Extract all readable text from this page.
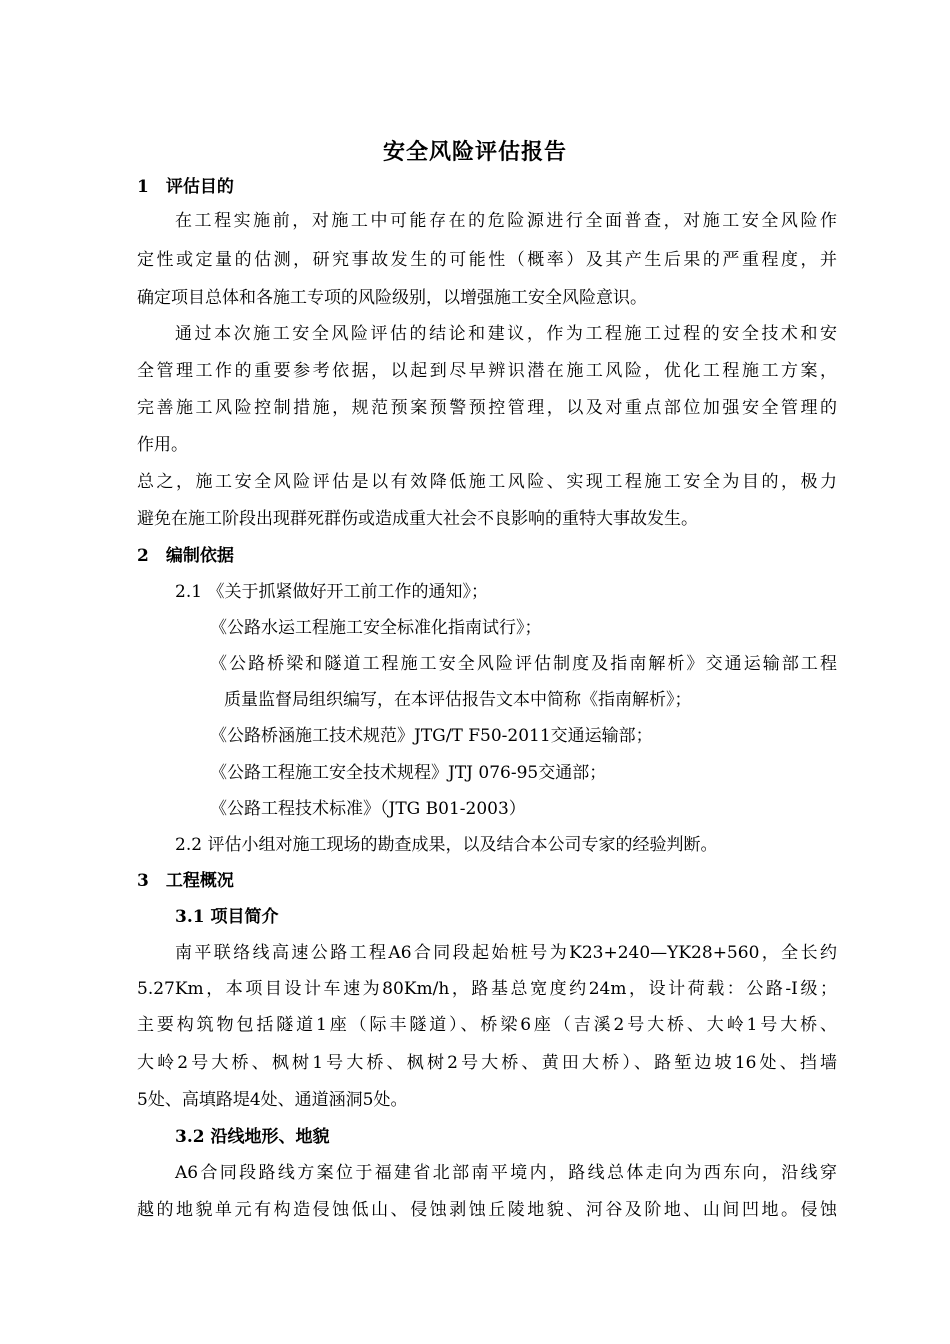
安全风险评估报告
1　评估目的
在工程实施前，对施工中可能存在的危险源进行全面普查，对施工安全风险作
定性或定量的估测，研究事故发生的可能性（概率）及其产生后果的严重程度，并
确定项目总体和各施工专项的风险级别，以增强施工安全风险意识。
通过本次施工安全风险评估的结论和建议，作为工程施工过程的安全技术和安
全管理工作的重要参考依据，以起到尽早辨识潜在施工风险，优化工程施工方案，
完善施工风险控制措施，规范预案预警预控管理，以及对重点部位加强安全管理的
作用。
总之，施工安全风险评估是以有效降低施工风险、实现工程施工安全为目的，极力
避免在施工阶段出现群死群伤或造成重大社会不良影响的重特大事故发生。
2　编制依据
2.1 《关于抓紧做好开工前工作的通知》；
《公路水运工程施工安全标准化指南试行》；
《公路桥梁和隧道工程施工安全风险评估制度及指南解析》交通运输部工程
质量监督局组织编写，在本评估报告文本中简称《指南解析》；
《公路桥涵施工技术规范》JTG/T F50-2011交通运输部；
《公路工程施工安全技术规程》JTJ 076-95交通部；
《公路工程技术标准》（JTG B01-2003）
2.2 评估小组对施工现场的勘查成果，以及结合本公司专家的经验判断。
3　工程概况
3.1 项目简介
南平联络线高速公路工程A6合同段起始桩号为K23+240—YK28+560，全长约
5.27Km，本项目设计车速为80Km/h，路基总宽度约24m，设计荷载：公路-I级；
主要构筑物包括隧道1座（际丰隧道）、桥梁6座（吉溪2号大桥、大岭1号大桥、
大岭2号大桥、枫树1号大桥、枫树2号大桥、黄田大桥）、路堑边坡16处、挡墙
5处、高填路堤4处、通道涵洞5处。
3.2 沿线地形、地貌
A6合同段路线方案位于福建省北部南平境内，路线总体走向为西东向，沿线穿
越的地貌单元有构造侵蚀低山、侵蚀剥蚀丘陵地貌、河谷及阶地、山间凹地。侵蚀
